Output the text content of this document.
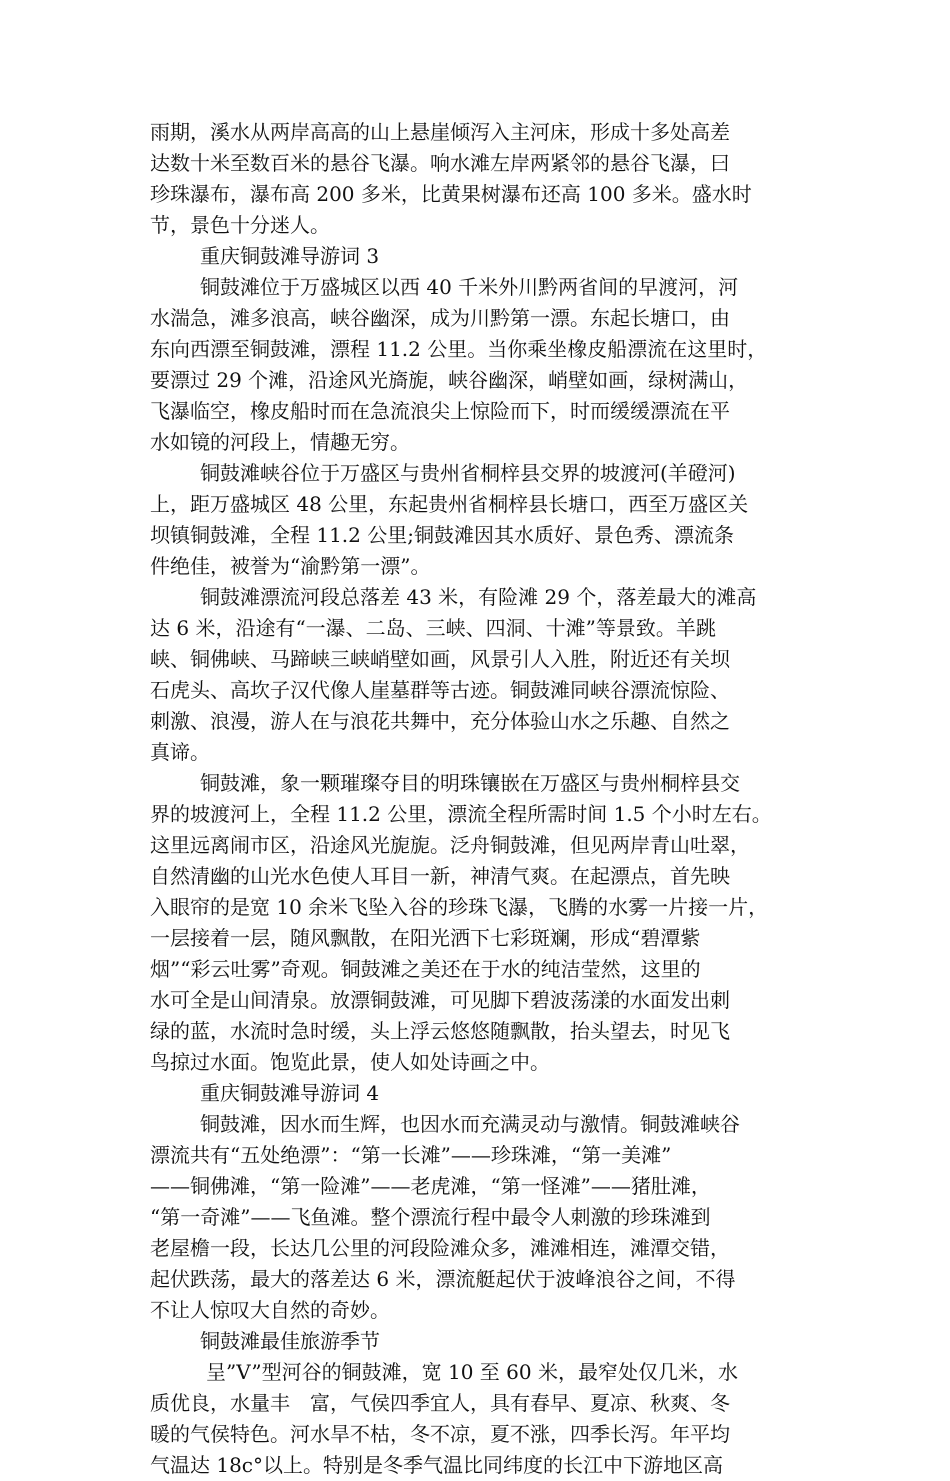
雨期，溪水从两岸高高的山上悬崖倾泻入主河床，形成十多处高差
达数十米至数百米的悬谷飞瀑。响水滩左岸两紧邻的悬谷飞瀑，曰
珍珠瀑布，瀑布高 200 多米，比黄果树瀑布还高 100 多米。盛水时
节，景色十分迷人。
重庆铜鼓滩导游词 3
铜鼓滩位于万盛城区以西 40 千米外川黔两省间的早渡河，河
水湍急，滩多浪高，峡谷幽深，成为川黔第一漂。东起长塘口，由
东向西漂至铜鼓滩，漂程 11.2 公里。当你乘坐橡皮船漂流在这里时，
要漂过 29 个滩，沿途风光旖旎，峡谷幽深，峭壁如画，绿树满山，
飞瀑临空，橡皮船时而在急流浪尖上惊险而下，时而缓缓漂流在平
水如镜的河段上，情趣无穷。
铜鼓滩峡谷位于万盛区与贵州省桐梓县交界的坡渡河(羊磴河)
上，距万盛城区 48 公里，东起贵州省桐梓县长塘口，西至万盛区关
坝镇铜鼓滩，全程 11.2 公里;铜鼓滩因其水质好、景色秀、漂流条
件绝佳，被誉为“渝黔第一漂”。
铜鼓滩漂流河段总落差 43 米，有险滩 29 个，落差最大的滩高
达 6 米，沿途有“一瀑、二岛、三峡、四洞、十滩”等景致。羊跳
峡、铜佛峡、马蹄峡三峡峭壁如画，风景引人入胜，附近还有关坝
石虎头、高坎子汉代像人崖墓群等古迹。铜鼓滩同峡谷漂流惊险、
刺激、浪漫，游人在与浪花共舞中，充分体验山水之乐趣、自然之
真谛。
铜鼓滩，象一颗璀璨夺目的明珠镶嵌在万盛区与贵州桐梓县交
界的坡渡河上，全程 11.2 公里，漂流全程所需时间 1.5 个小时左右。
这里远离闹市区，沿途风光旎旎。泛舟铜鼓滩，但见两岸青山吐翠，
自然清幽的山光水色使人耳目一新，神清气爽。在起漂点，首先映
入眼帘的是宽 10 余米飞坠入谷的珍珠飞瀑，飞腾的水雾一片接一片，
一层接着一层，随风飘散，在阳光洒下七彩斑斓，形成“碧潭紫
烟”“彩云吐雾”奇观。铜鼓滩之美还在于水的纯洁莹然，这里的
水可全是山间清泉。放漂铜鼓滩，可见脚下碧波荡漾的水面发出刺
绿的蓝，水流时急时缓，头上浮云悠悠随飘散，抬头望去，时见飞
鸟掠过水面。饱览此景，使人如处诗画之中。
重庆铜鼓滩导游词 4
铜鼓滩，因水而生辉，也因水而充满灵动与激情。铜鼓滩峡谷
漂流共有“五处绝漂”：“第一长滩”——珍珠滩，“第一美滩”
——铜佛滩，“第一险滩”——老虎滩，“第一怪滩”——猪肚滩，
“第一奇滩”——飞鱼滩。整个漂流行程中最令人刺激的珍珠滩到
老屋檐一段，长达几公里的河段险滩众多，滩滩相连，滩潭交错，
起伏跌荡，最大的落差达 6 米，漂流艇起伏于波峰浪谷之间，不得
不让人惊叹大自然的奇妙。
铜鼓滩最佳旅游季节
呈”V”型河谷的铜鼓滩，宽 10 至 60 米，最窄处仅几米，水
质优良，水量丰　富，气侯四季宜人，具有春早、夏凉、秋爽、冬
暖的气侯特色。河水旱不枯，冬不凉，夏不涨，四季长泻。年平均
气温达 18c°以上。特别是冬季气温比同纬度的长江中下游地区高
